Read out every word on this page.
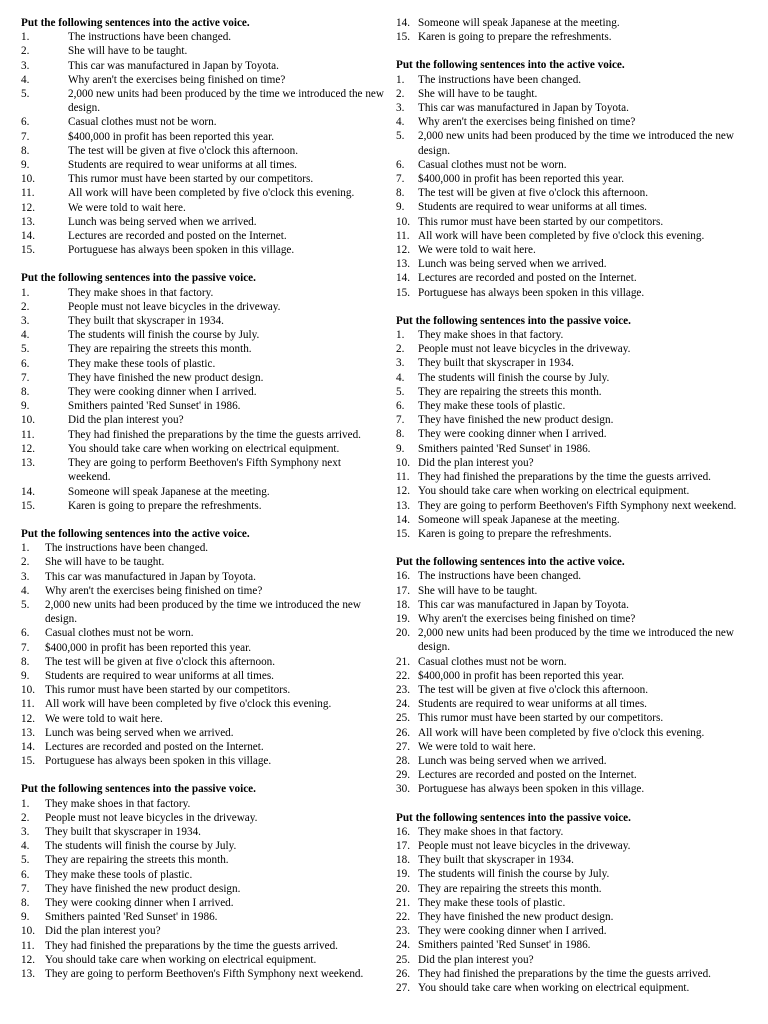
Put the following sentences into the active voice.
1.	The instructions have been changed.
2.	She will have to be taught.
3.	This car was manufactured in Japan by Toyota.
4.	Why aren't the exercises being finished on time?
5.	2,000 new units had been produced by the time we introduced the new design.
6.	Casual clothes must not be worn.
7.	$400,000 in profit has been reported this year.
8.	The test will be given at five o'clock this afternoon.
9.	Students are required to wear uniforms at all times.
10.	This rumor must have been started by our competitors.
11.	All work will have been completed by five o'clock this evening.
12.	We were told to wait here.
13.	Lunch was being served when we arrived.
14.	Lectures are recorded and posted on the Internet.
15.	Portuguese has always been spoken in this village.
Put the following sentences into the passive voice.
1.	They make shoes in that factory.
2.	People must not leave bicycles in the driveway.
3.	They built that skyscraper in 1934.
4.	The students will finish the course by July.
5.	They are repairing the streets this month.
6.	They make these tools of plastic.
7.	They have finished the new product design.
8.	They were cooking dinner when I arrived.
9.	Smithers painted 'Red Sunset' in 1986.
10.	Did the plan interest you?
11.	They had finished the preparations by the time the guests arrived.
12.	You should take care when working on electrical equipment.
13.	They are going to perform Beethoven's Fifth Symphony next weekend.
14.	Someone will speak Japanese at the meeting.
15.	Karen is going to prepare the refreshments.
Put the following sentences into the active voice.
1.	The instructions have been changed.
2.	She will have to be taught.
3.	This car was manufactured in Japan by Toyota.
4.	Why aren't the exercises being finished on time?
5.	2,000 new units had been produced by the time we introduced the new design.
6.	Casual clothes must not be worn.
7.	$400,000 in profit has been reported this year.
8.	The test will be given at five o'clock this afternoon.
9.	Students are required to wear uniforms at all times.
10. This rumor must have been started by our competitors.
11. All work will have been completed by five o'clock this evening.
12. We were told to wait here.
13. Lunch was being served when we arrived.
14. Lectures are recorded and posted on the Internet.
15. Portuguese has always been spoken in this village.
Put the following sentences into the passive voice.
1.	They make shoes in that factory.
2.	People must not leave bicycles in the driveway.
3.	They built that skyscraper in 1934.
4.	The students will finish the course by July.
5.	They are repairing the streets this month.
6.	They make these tools of plastic.
7.	They have finished the new product design.
8.	They were cooking dinner when I arrived.
9.	Smithers painted 'Red Sunset' in 1986.
10. Did the plan interest you?
11. They had finished the preparations by the time the guests arrived.
12. You should take care when working on electrical equipment.
13. They are going to perform Beethoven's Fifth Symphony next weekend.
14. Someone will speak Japanese at the meeting.
15. Karen is going to prepare the refreshments.
Put the following sentences into the active voice.
1.	The instructions have been changed.
2.	She will have to be taught.
3.	This car was manufactured in Japan by Toyota.
4.	Why aren't the exercises being finished on time?
5.	2,000 new units had been produced by the time we introduced the new design.
6.	Casual clothes must not be worn.
7.	$400,000 in profit has been reported this year.
8.	The test will be given at five o'clock this afternoon.
9.	Students are required to wear uniforms at all times.
10. This rumor must have been started by our competitors.
11. All work will have been completed by five o'clock this evening.
12. We were told to wait here.
13. Lunch was being served when we arrived.
14. Lectures are recorded and posted on the Internet.
15. Portuguese has always been spoken in this village.
Put the following sentences into the passive voice.
1.	They make shoes in that factory.
2.	People must not leave bicycles in the driveway.
3.	They built that skyscraper in 1934.
4.	The students will finish the course by July.
5.	They are repairing the streets this month.
6.	They make these tools of plastic.
7.	They have finished the new product design.
8.	They were cooking dinner when I arrived.
9.	Smithers painted 'Red Sunset' in 1986.
10. Did the plan interest you?
11. They had finished the preparations by the time the guests arrived.
12. You should take care when working on electrical equipment.
13. They are going to perform Beethoven's Fifth Symphony next weekend.
14. Someone will speak Japanese at the meeting.
15. Karen is going to prepare the refreshments.
Put the following sentences into the active voice.
16. The instructions have been changed.
17. She will have to be taught.
18. This car was manufactured in Japan by Toyota.
19. Why aren't the exercises being finished on time?
20. 2,000 new units had been produced by the time we introduced the new design.
21. Casual clothes must not be worn.
22. $400,000 in profit has been reported this year.
23. The test will be given at five o'clock this afternoon.
24. Students are required to wear uniforms at all times.
25. This rumor must have been started by our competitors.
26. All work will have been completed by five o'clock this evening.
27. We were told to wait here.
28. Lunch was being served when we arrived.
29. Lectures are recorded and posted on the Internet.
30. Portuguese has always been spoken in this village.
Put the following sentences into the passive voice.
16. They make shoes in that factory.
17. People must not leave bicycles in the driveway.
18. They built that skyscraper in 1934.
19. The students will finish the course by July.
20. They are repairing the streets this month.
21. They make these tools of plastic.
22. They have finished the new product design.
23. They were cooking dinner when I arrived.
24. Smithers painted 'Red Sunset' in 1986.
25. Did the plan interest you?
26. They had finished the preparations by the time the guests arrived.
27. You should take care when working on electrical equipment.
